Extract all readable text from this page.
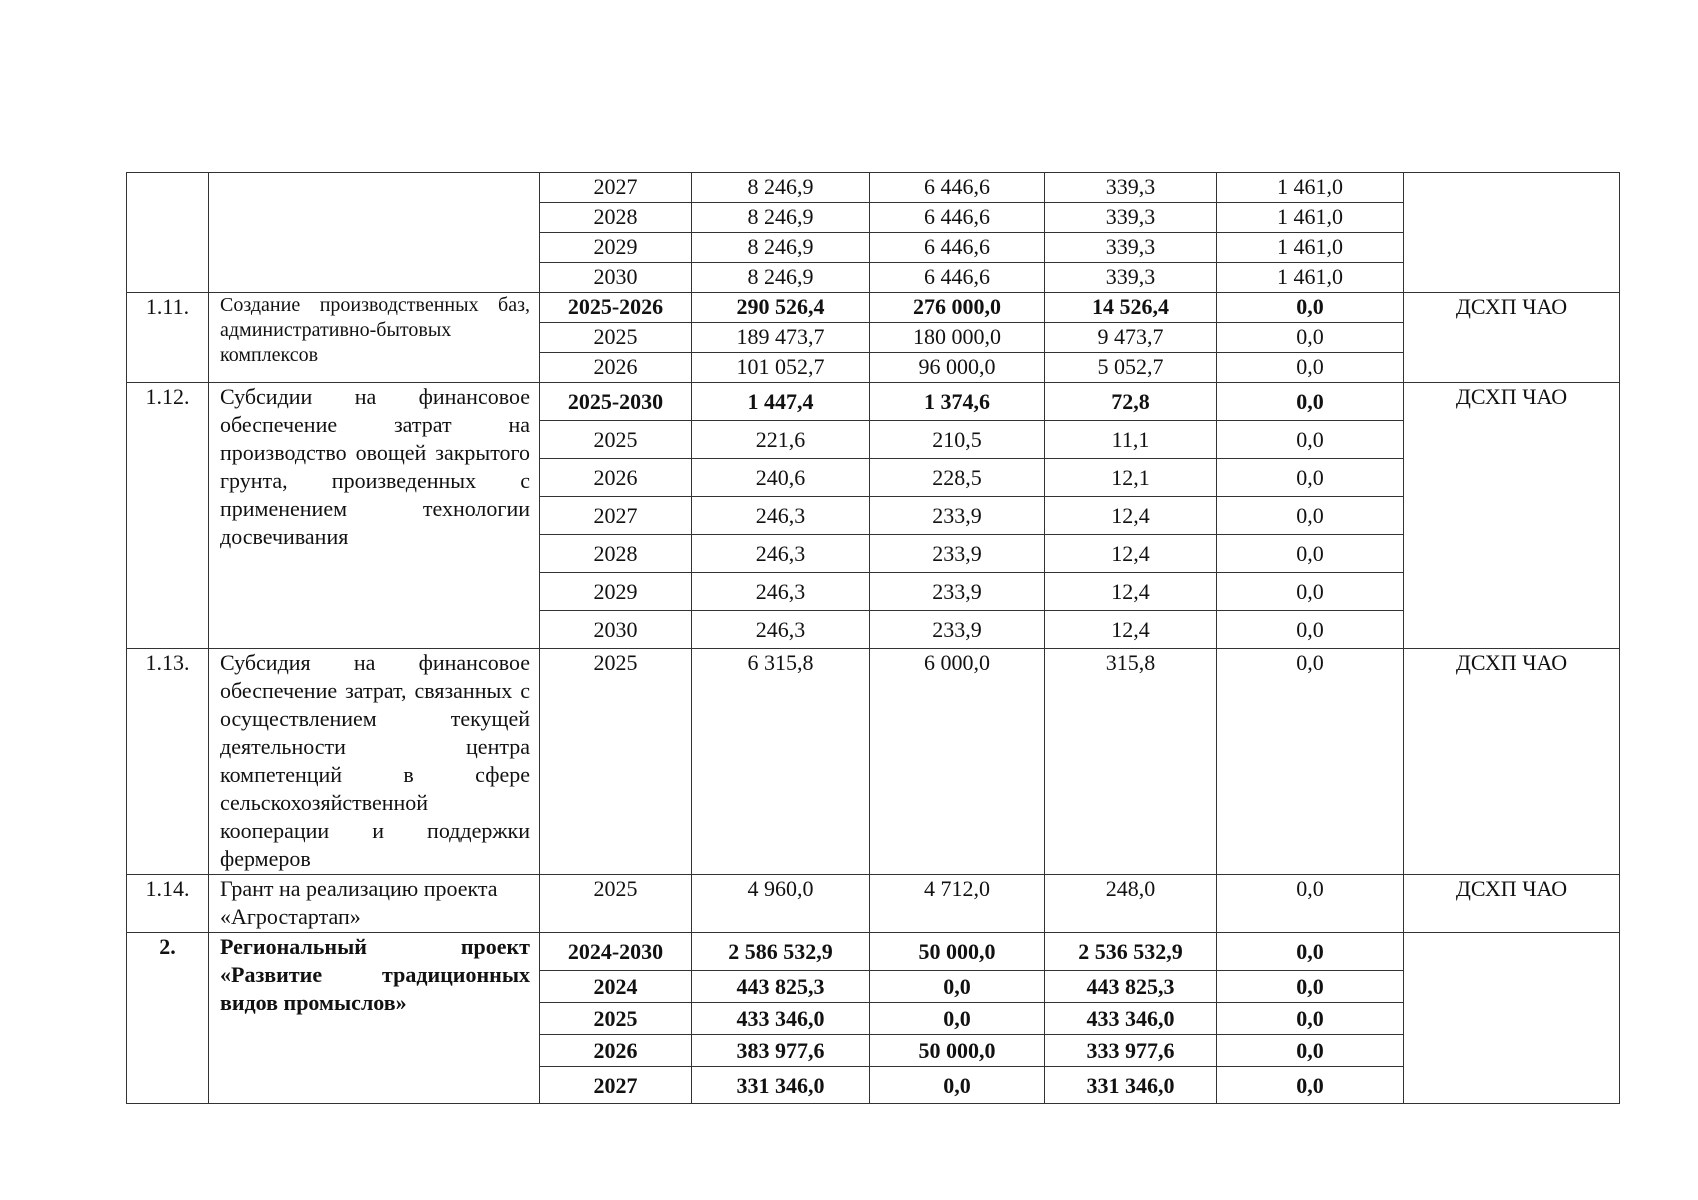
		2027	8 246,9	6 446,6	339,3	1 461,0	
		2028	8 246,9	6 446,6	339,3	1 461,0	
		2029	8 246,9	6 446,6	339,3	1 461,0	
		2030	8 246,9	6 446,6	339,3	1 461,0	
1.11.	Создание производственных баз, административно-бытовых комплексов	2025-2026	290 526,4	276 000,0	14 526,4	0,0	ДСХП ЧАО
		2025	189 473,7	180 000,0	9 473,7	0,0	
		2026	101 052,7	96 000,0	5 052,7	0,0	
1.12.	Субсидии на финансовое обеспечение затрат на производство овощей закрытого грунта, произведенных с применением технологии досвечивания	2025-2030	1 447,4	1 374,6	72,8	0,0	ДСХП ЧАО
		2025	221,6	210,5	11,1	0,0	
		2026	240,6	228,5	12,1	0,0	
		2027	246,3	233,9	12,4	0,0	
		2028	246,3	233,9	12,4	0,0	
		2029	246,3	233,9	12,4	0,0	
		2030	246,3	233,9	12,4	0,0	
1.13.	Субсидия на финансовое обеспечение затрат, связанных с осуществлением текущей деятельности центра компетенций в сфере сельскохозяйственной кооперации и поддержки фермеров	2025	6 315,8	6 000,0	315,8	0,0	ДСХП ЧАО
1.14.	Грант на реализацию проекта «Агростартап»	2025	4 960,0	4 712,0	248,0	0,0	ДСХП ЧАО
2.	Региональный проект «Развитие традиционных видов промыслов»	2024-2030	2 586 532,9	50 000,0	2 536 532,9	0,0	
		2024	443 825,3	0,0	443 825,3	0,0	
		2025	433 346,0	0,0	433 346,0	0,0	
		2026	383 977,6	50 000,0	333 977,6	0,0	
		2027	331 346,0	0,0	331 346,0	0,0	
